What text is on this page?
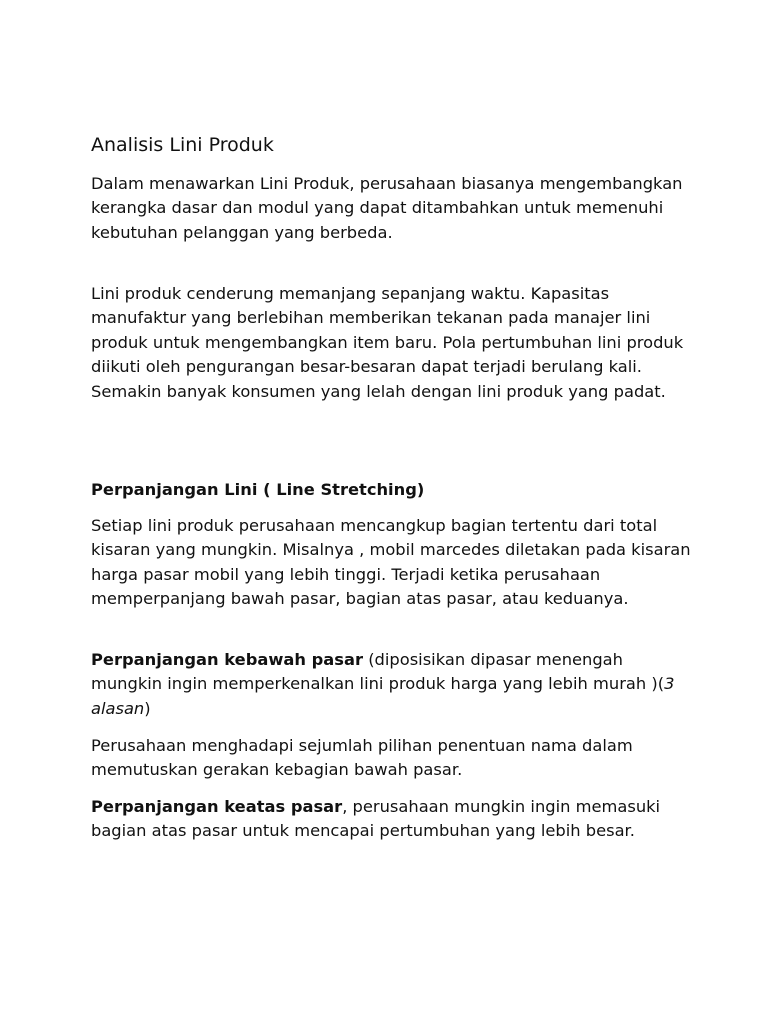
Analisis Lini Produk

Dalam menawarkan Lini Produk, perusahaan biasanya mengembangkan kerangka dasar dan modul yang dapat ditambahkan untuk memenuhi kebutuhan pelanggan yang berbeda.

Lini produk cenderung memanjang sepanjang waktu. Kapasitas manufaktur yang berlebihan memberikan tekanan pada manajer lini produk untuk mengembangkan item baru. Pola pertumbuhan lini produk diikuti oleh pengurangan besar-besaran dapat terjadi berulang kali. Semakin banyak konsumen yang lelah dengan lini produk yang padat.

Perpanjangan Lini ( Line Stretching)

Setiap lini produk perusahaan mencangkup bagian tertentu dari total kisaran yang mungkin. Misalnya , mobil marcedes diletakan pada kisaran harga pasar mobil yang lebih tinggi. Terjadi ketika perusahaan memperpanjang bawah pasar, bagian atas pasar, atau keduanya.

Perpanjangan kebawah pasar (diposisikan dipasar menengah mungkin ingin memperkenalkan lini produk harga yang lebih murah )(3 alasan)

Perusahaan menghadapi sejumlah pilihan penentuan nama dalam memutuskan gerakan kebagian bawah pasar.

Perpanjangan keatas pasar, perusahaan mungkin ingin memasuki bagian atas pasar untuk mencapai pertumbuhan yang lebih besar.
